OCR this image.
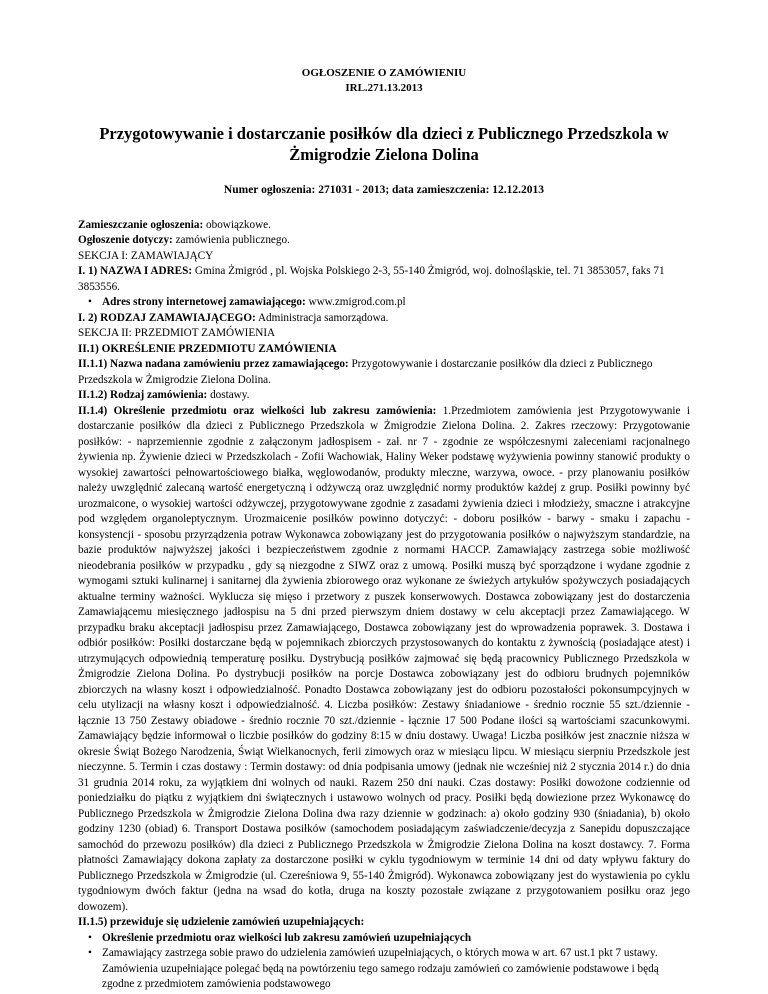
OGŁOSZENIE O ZAMÓWIENIU
IRL.271.13.2013
Przygotowywanie i dostarczanie posiłków dla dzieci z Publicznego Przedszkola w Żmigrodzie Zielona Dolina
Numer ogłoszenia: 271031 - 2013; data zamieszczenia: 12.12.2013

Zamieszczanie ogłoszenia: obowiązkowe.

Ogłoszenie dotyczy: zamówienia publicznego.

SEKCJA I: ZAMAWIAJĄCY

I. 1) NAZWA I ADRES: Gmina Żmigród , pl. Wojska Polskiego 2-3, 55-140 Żmigród, woj. dolnośląskie, tel. 71 3853057, faks 71 3853556.

• Adres strony internetowej zamawiającego: www.zmigrod.com.pl

I. 2) RODZAJ ZAMAWIAJĄCEGO: Administracja samorządowa.

SEKCJA II: PRZEDMIOT ZAMÓWIENIA

II.1) OKREŚLENIE PRZEDMIOTU ZAMÓWIENIA

II.1.1) Nazwa nadana zamówieniu przez zamawiającego: Przygotowywanie i dostarczanie posiłków dla dzieci z Publicznego Przedszkola w Żmigrodzie Zielona Dolina.

II.1.2) Rodzaj zamówienia: dostawy.

II.1.4) Określenie przedmiotu oraz wielkości lub zakresu zamówienia: 1.Przedmiotem zamówienia jest Przygotowywanie i dostarczanie posiłków dla dzieci z Publicznego Przedszkola w Żmigrodzie Zielona Dolina. 2. Zakres rzeczowy: Przygotowanie posiłków: - naprzemiennie zgodnie z załączonym jadłospisem - zał. nr 7 - zgodnie ze współczesnymi zaleceniami racjonalnego żywienia np. Żywienie dzieci w Przedszkolach - Zofii Wachowiak, Haliny Weker podstawę wyżywienia powinny stanowić produkty o wysokiej zawartości pełnowartościowego białka, węglowodanów, produkty mleczne, warzywa, owoce. - przy planowaniu posiłków należy uwzględnić zalecaną wartość energetyczną i odżywczą oraz uwzględnić normy produktów każdej z grup. Posiłki powinny być urozmaicone, o wysokiej wartości odżywczej, przygotowywane zgodnie z zasadami żywienia dzieci i młodzieży, smaczne i atrakcyjne pod względem organoleptycznym. Urozmaicenie posiłków powinno dotyczyć: - doboru posiłków - barwy - smaku i zapachu - konsystencji - sposobu przyrządzenia potraw Wykonawca zobowiązany jest do przygotowania posiłków o najwyższym standardzie, na bazie produktów najwyższej jakości i bezpieczeństwem zgodnie z normami HACCP. Zamawiający zastrzega sobie możliwość nieodebrania posiłków w przypadku , gdy są niezgodne z SIWZ oraz z umową. Posiłki muszą być sporządzone i wydane zgodnie z wymogami sztuki kulinarnej i sanitarnej dla żywienia zbiorowego oraz wykonane ze świeżych artykułów spożywczych posiadających aktualne terminy ważności. Wyklucza się mięso i przetwory z puszek konserwowych. Dostawca zobowiązany jest do dostarczenia Zamawiającemu miesięcznego jadłospisu na 5 dni przed pierwszym dniem dostawy w celu akceptacji przez Zamawiającego. W przypadku braku akceptacji jadłospisu przez Zamawiającego, Dostawca zobowiązany jest do wprowadzenia poprawek. 3. Dostawa i odbiór posiłków: Posiłki dostarczane będą w pojemnikach zbiorczych przystosowanych do kontaktu z żywnością (posiadające atest) i utrzymujących odpowiednią temperaturę posiłku. Dystrybucją posiłków zajmować się będą pracownicy Publicznego Przedszkola w Żmigrodzie Zielona Dolina. Po dystrybucji posiłków na porcje Dostawca zobowiązany jest do odbioru brudnych pojemników zbiorczych na własny koszt i odpowiedzialność. Ponadto Dostawca zobowiązany jest do odbioru pozostałości pokonsumpcyjnych w celu utylizacji na własny koszt i odpowiedzialność. 4. Liczba posiłków: Zestawy śniadaniowe - średnio rocznie 55 szt./dziennie - łącznie 13 750 Zestawy obiadowe - średnio rocznie 70 szt./dziennie - łącznie 17 500 Podane ilości są wartościami szacunkowymi. Zamawiający będzie informował o liczbie posiłków do godziny 8:15 w dniu dostawy. Uwaga! Liczba posiłków jest znacznie niższa w okresie Świąt Bożego Narodzenia, Świąt Wielkanocnych, ferii zimowych oraz w miesiącu lipcu. W miesiącu sierpniu Przedszkole jest nieczynne. 5. Termin i czas dostawy : Termin dostawy: od dnia podpisania umowy (jednak nie wcześniej niż 2 stycznia 2014 r.) do dnia 31 grudnia 2014 roku, za wyjątkiem dni wolnych od nauki. Razem 250 dni nauki. Czas dostawy: Posiłki dowożone codziennie od poniedziałku do piątku z wyjątkiem dni świątecznych i ustawowo wolnych od pracy. Posiłki będą dowiezione przez Wykonawcę do Publicznego Przedszkola w Żmigrodzie Zielona Dolina dwa razy dziennie w godzinach: a) około godziny 930 (śniadania), b) około godziny 1230 (obiad) 6. Transport Dostawa posiłków (samochodem posiadającym zaświadczenie/decyzja z Sanepidu dopuszczające samochód do przewozu posiłków) dla dzieci z Publicznego Przedszkola w Żmigrodzie Zielona Dolina na koszt dostawcy. 7. Forma płatności Zamawiający dokona zapłaty za dostarczone posiłki w cyklu tygodniowym w terminie 14 dni od daty wpływu faktury do Publicznego Przedszkola w Żmigrodzie (ul. Czereśniowa 9, 55-140 Żmigród). Wykonawca zobowiązany jest do wystawienia po cyklu tygodniowym dwóch faktur (jedna na wsad do kotła, druga na koszty pozostałe związane z przygotowaniem posiłku oraz jego dowozem).

II.1.5) przewiduje się udzielenie zamówień uzupełniających:

• Określenie przedmiotu oraz wielkości lub zakresu zamówień uzupełniających
• Zamawiający zastrzega sobie prawo do udzielenia zamówień uzupełniających, o których mowa w art. 67 ust.1 pkt 7 ustawy. Zamówienia uzupełniające polegać będą na powtórzeniu tego samego rodzaju zamówień co zamówienie podstawowe i będą zgodne z przedmiotem zamówienia podstawowego
